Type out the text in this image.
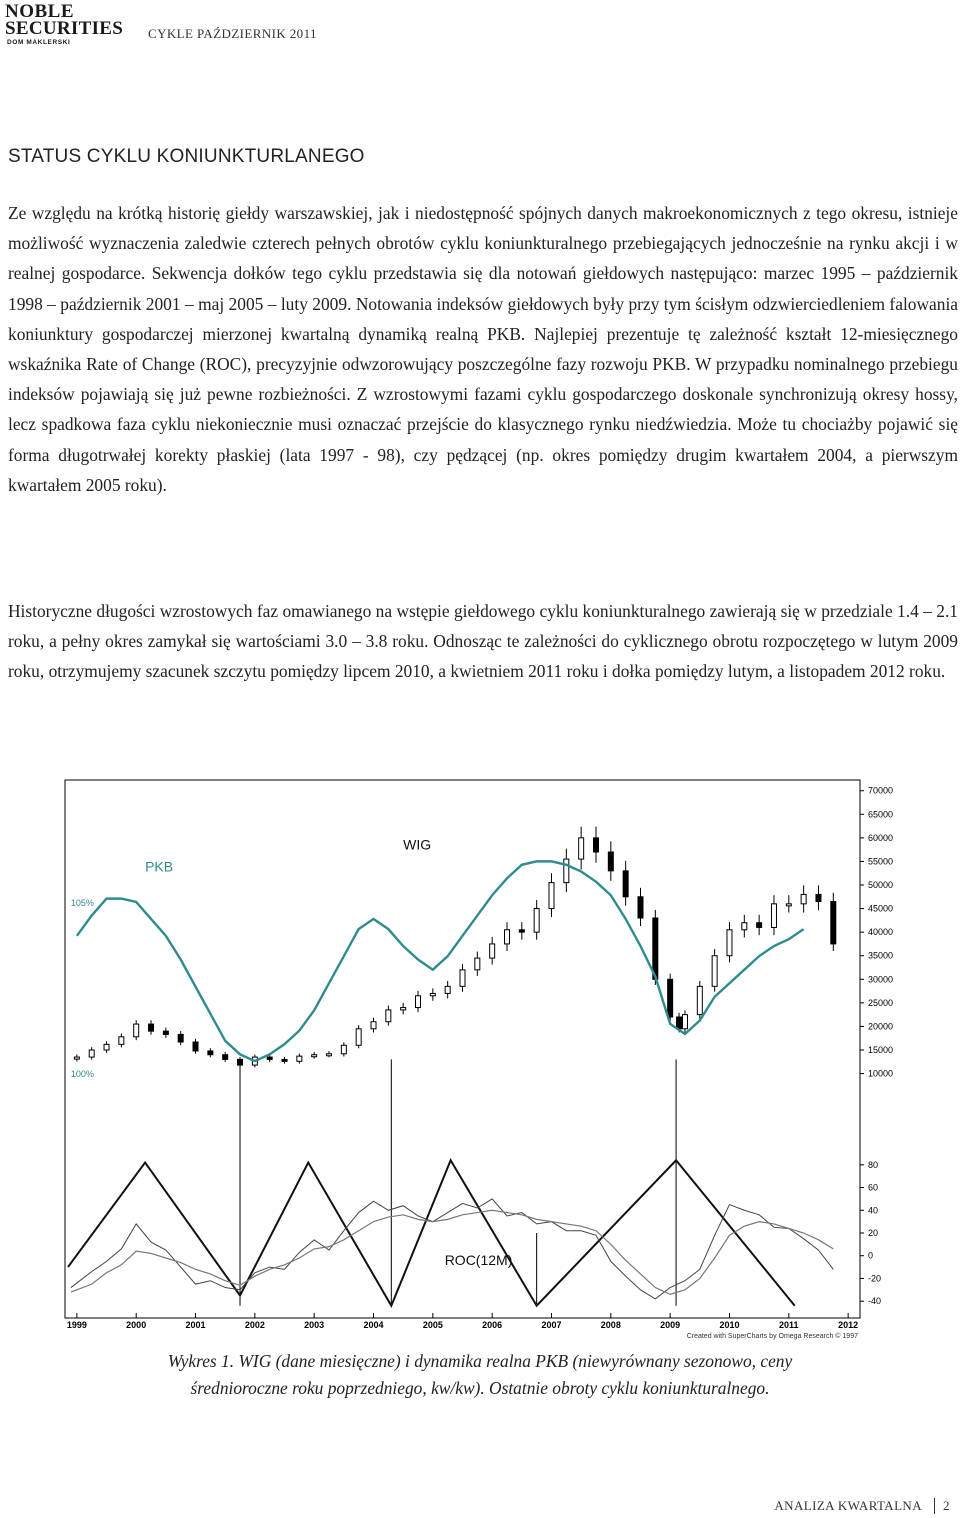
NOBLE
SECURITIES
DOM MAKLERSKI
CYKLE PAŹDZIERNIK 2011
STATUS CYKLU KONIUNKTURLANEGO

Ze względu na krótką historię giełdy warszawskiej, jak i niedostępność spójnych danych makroekonomicznych z tego okresu, istnieje możliwość wyznaczenia zaledwie czterech pełnych obrotów cyklu koniunkturalnego przebiegających jednocześnie na rynku akcji i w realnej gospodarce. Sekwencja dołków tego cyklu przedstawia się dla notowań giełdowych następująco: marzec 1995 – październik 1998 – październik 2001 – maj 2005 – luty 2009. Notowania indeksów giełdowych były przy tym ścisłym odzwierciedleniem falowania koniunktury gospodarczej mierzonej kwartalną dynamiką realną PKB. Najlepiej prezentuje tę zależność kształt 12-miesięcznego wskaźnika Rate of Change (ROC), precyzyjnie odwzorowujący poszczególne fazy rozwoju PKB. W przypadku nominalnego przebiegu indeksów pojawiają się już pewne rozbieżności. Z wzrostowymi fazami cyklu gospodarczego doskonale synchronizują okresy hossy, lecz spadkowa faza cyklu niekoniecznie musi oznaczać przejście do klasycznego rynku niedźwiedzia. Może tu chociażby pojawić się forma długotrwałej korekty płaskiej (lata 1997 - 98), czy pędzącej (np. okres pomiędzy drugim kwartałem 2004, a pierwszym kwartałem 2005 roku).

Historyczne długości wzrostowych faz omawianego na wstępie giełdowego cyklu koniunkturalnego zawierają się w przedziale 1.4 – 2.1 roku, a pełny okres zamykał się wartościami 3.0 – 3.8 roku. Odnosząc te zależności do cyklicznego obrotu rozpoczętego w lutym 2009 roku, otrzymujemy szacunek szczytu pomiędzy lipcem 2010, a kwietniem 2011 roku i dołka pomiędzy lutym, a listopadem 2012 roku.

105%
100%
1999	2000	2001	2002	2003	2004	2005	2006	2007	2008	2009	2010	2011	2012
70000
65000
60000
55000
50000
45000
40000
35000
30000
25000
20000
15000
10000
80
60
40
20
0
-20
-40
WIG
PKB
ROC(12M)
Created with SuperCharts by Omega Research © 1997
Wykres 1. WIG (dane miesięczne) i dynamika realna PKB (niewyrównany sezonowo, ceny
średnioroczne roku poprzedniego, kw/kw). Ostatnie obroty cyklu koniunkturalnego.
ANALIZA KWARTALNA	2
